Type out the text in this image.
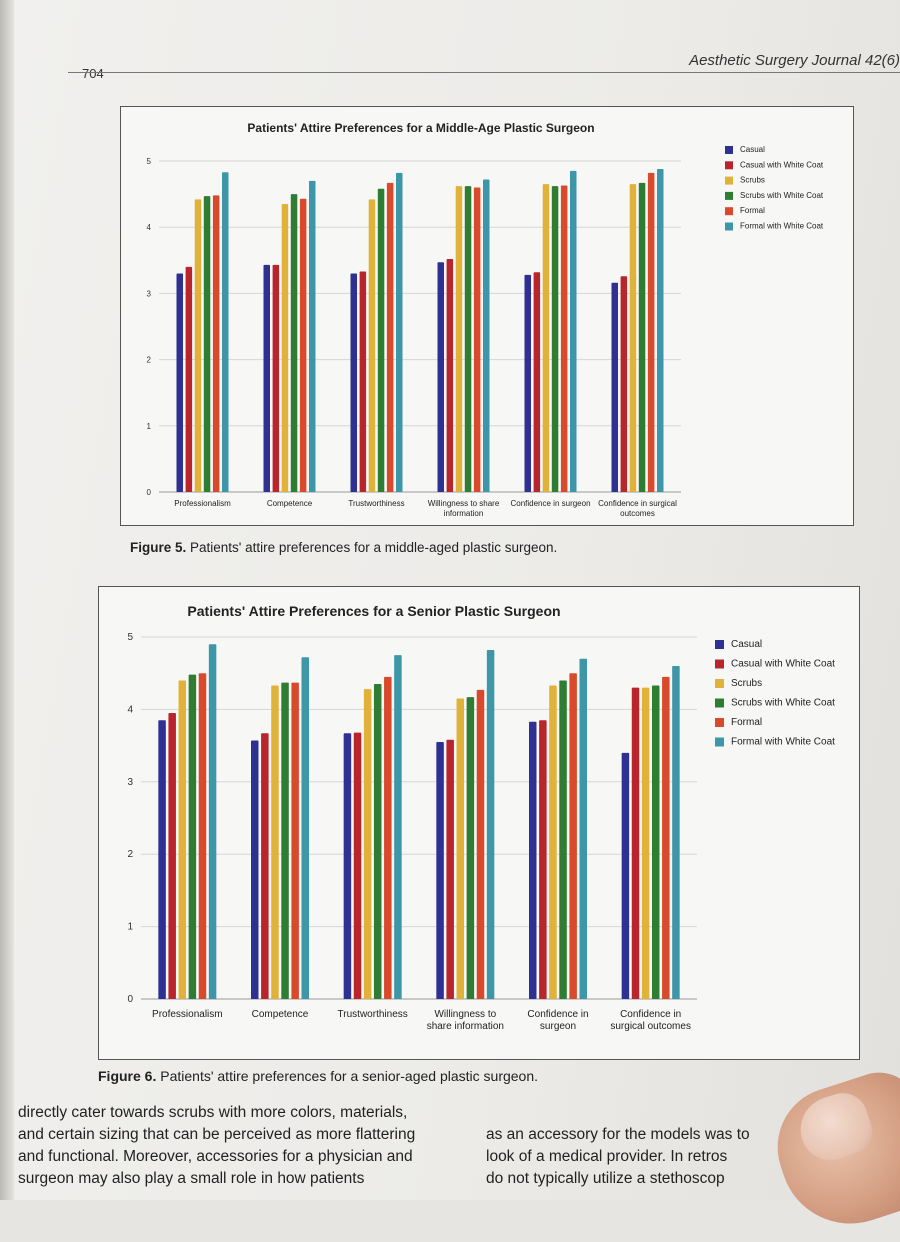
704
Aesthetic Surgery Journal 42(6)
Patients' Attire Preferences for a Middle-Age Plastic Surgeon
0
1
2
3
4
5
Professionalism	Competence	Trustworthiness	Willingness to share
information
Confidence in surgeon Confidence in surgical
outcomes
Casual
Casual with White Coat
Scrubs
Scrubs with White Coat
Formal
Formal with White Coat
Figure 5. Patients' attire preferences for a middle-aged plastic surgeon.
Patients' Attire Preferences for a Senior Plastic Surgeon
0
1
2
3
4
5
Professionalism	Competence	Trustworthiness	Willingness to
share information
Confidence in
surgeon
Confidence in
surgical outcomes
Casual
Casual with White Coat
Scrubs
Scrubs with White Coat
Formal
Formal with White Coat
Figure 6. Patients' attire preferences for a senior-aged plastic surgeon.
directly cater towards scrubs with more colors, materials,
and certain sizing that can be perceived as more flattering
and functional. Moreover, accessories for a physician and
surgeon may also play a small role in how patients
as an accessory for the models was to
look of a medical provider. In retros
do not typically utilize a stethoscop
